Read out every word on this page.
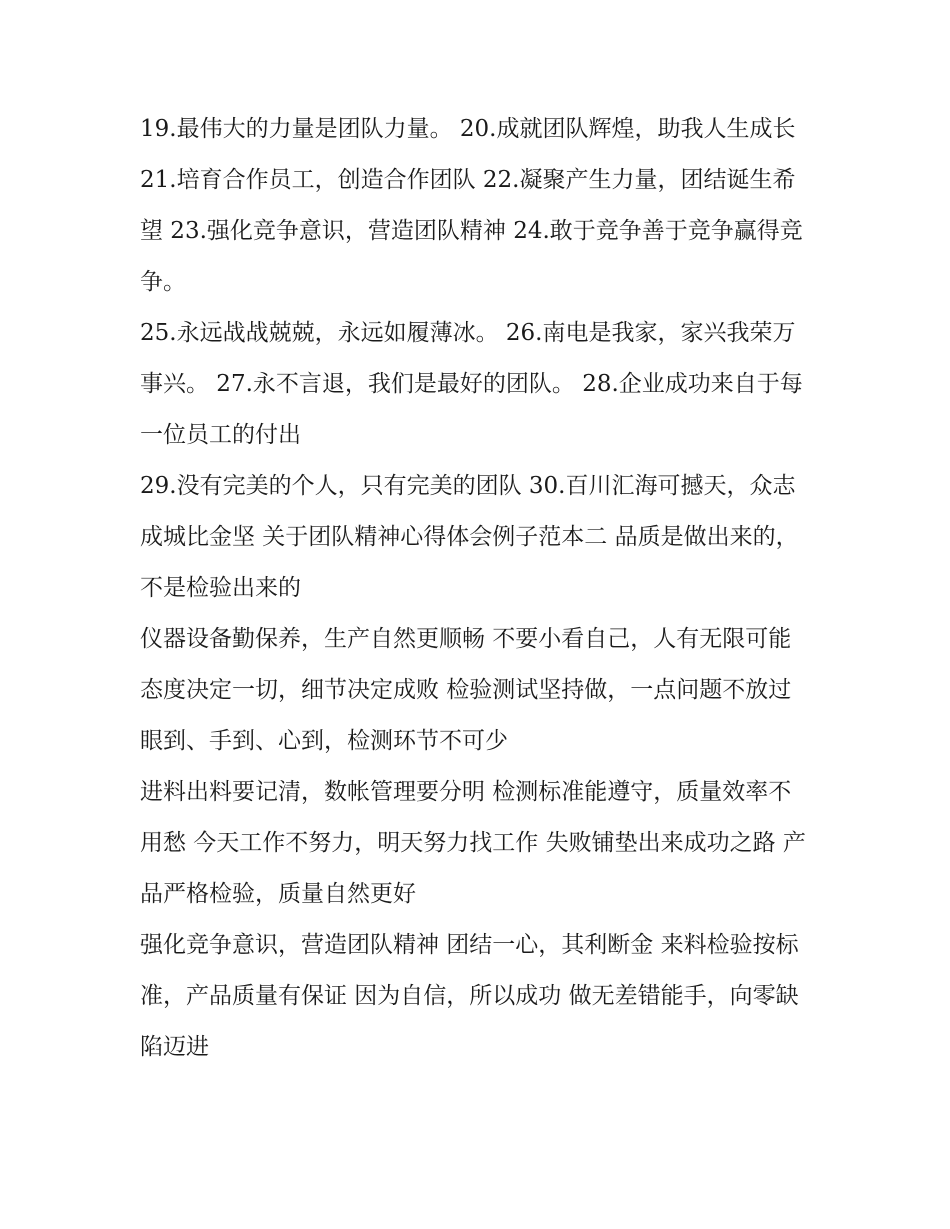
19.最伟大的力量是团队力量。 20.成就团队辉煌，助我人生成长

21.培育合作员工，创造合作团队 22.凝聚产生力量，团结诞生希望 23.强化竞争意识，营造团队精神 24.敢于竞争善于竞争赢得竞争。

25.永远战战兢兢，永远如履薄冰。 26.南电是我家，家兴我荣万事兴。 27.永不言退，我们是最好的团队。 28.企业成功来自于每一位员工的付出

29.没有完美的个人，只有完美的团队 30.百川汇海可撼天，众志成城比金坚 关于团队精神心得体会例子范本二 品质是做出来的，不是检验出来的

仪器设备勤保养，生产自然更顺畅 不要小看自己，人有无限可能 态度决定一切，细节决定成败 检验测试坚持做，一点问题不放过 眼到、手到、心到，检测环节不可少

进料出料要记清，数帐管理要分明 检测标准能遵守，质量效率不用愁 今天工作不努力，明天努力找工作 失败铺垫出来成功之路 产品严格检验，质量自然更好

强化竞争意识，营造团队精神 团结一心，其利断金 来料检验按标准，产品质量有保证 因为自信，所以成功 做无差错能手，向零缺陷迈进
